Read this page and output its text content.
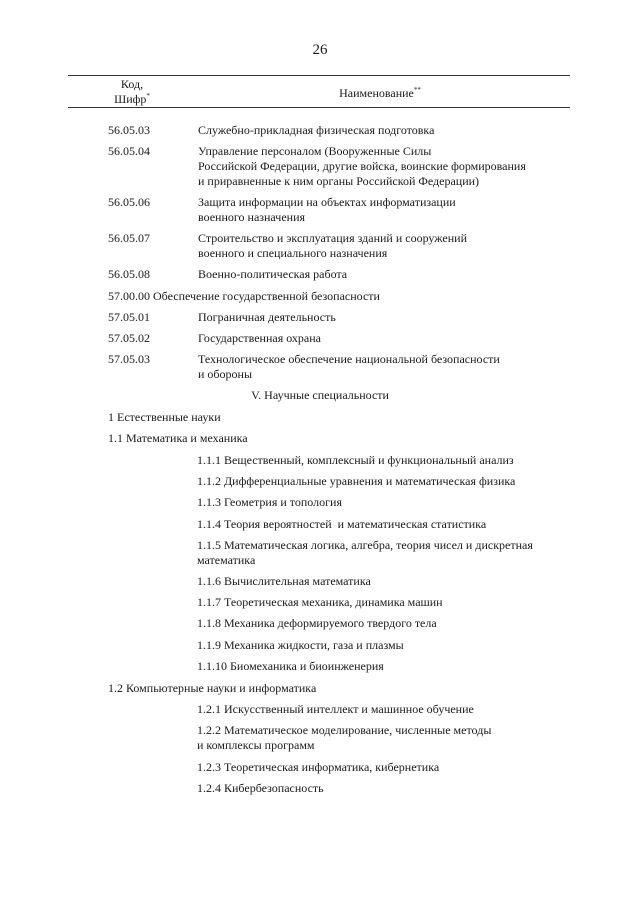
26
Код,
Шифр*	Наименование**
56.05.03	Служебно-прикладная физическая подготовка
56.05.04	Управление персоналом (Вооруженные Силы
Российской Федерации, другие войска, воинские формирования
и приравненные к ним органы Российской Федерации)
56.05.06	Защита информации на объектах информатизации
военного назначения
56.05.07	Строительство и эксплуатация зданий и сооружений
военного и специального назначения
56.05.08	Военно-политическая работа
57.00.00 Обеспечение государственной безопасности
57.05.01	Пограничная деятельность
57.05.02	Государственная охрана
57.05.03	Технологическое обеспечение национальной безопасности
и обороны
V. Научные специальности
1 Естественные науки
1.1 Математика и механика
1.1.1 Вещественный, комплексный и функциональный анализ
1.1.2 Дифференциальные уравнения и математическая физика
1.1.3 Геометрия и топология
1.1.4 Теория вероятностей  и математическая статистика
1.1.5 Математическая логика, алгебра, теория чисел и дискретная
математика
1.1.6 Вычислительная математика
1.1.7 Теоретическая механика, динамика машин
1.1.8 Механика деформируемого твердого тела
1.1.9 Механика жидкости, газа и плазмы
1.1.10 Биомеханика и биоинженерия
1.2 Компьютерные науки и информатика
1.2.1 Искусственный интеллект и машинное обучение
1.2.2 Математическое моделирование, численные методы
и комплексы программ
1.2.3 Теоретическая информатика, кибернетика
1.2.4 Кибербезопасность
